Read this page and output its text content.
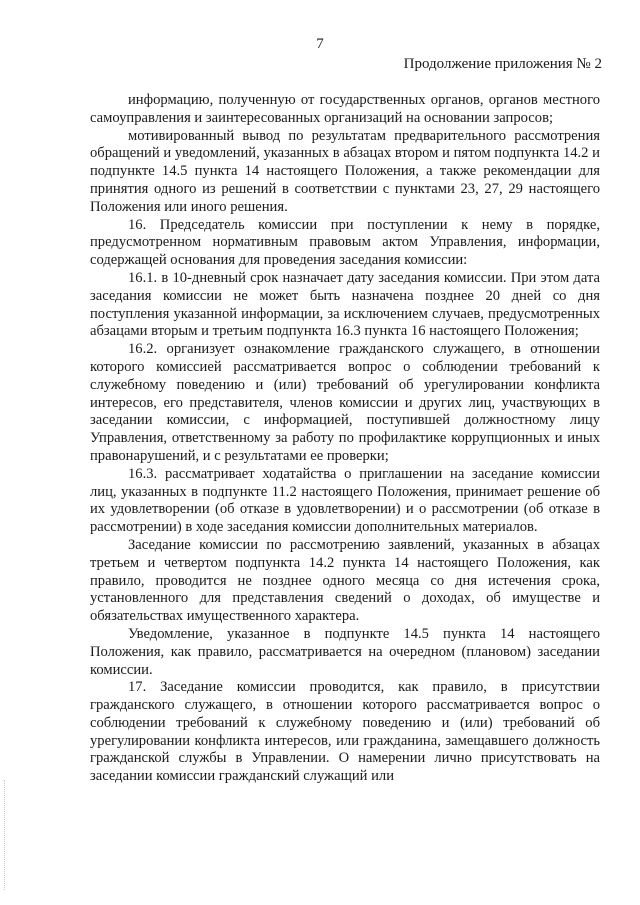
7
Продолжение приложения № 2

информацию, полученную от государственных органов, органов местного самоуправления и заинтересованных организаций на основании запросов;

мотивированный вывод по результатам предварительного рассмотрения обращений и уведомлений, указанных в абзацах втором и пятом подпункта 14.2 и подпункте 14.5 пункта 14 настоящего Положения, а также рекомендации для принятия одного из решений в соответствии с пунктами 23, 27, 29 настоящего Положения или иного решения.

16. Председатель комиссии при поступлении к нему в порядке, предусмотренном нормативным правовым актом Управления, информации, содержащей основания для проведения заседания комиссии:

16.1. в 10-дневный срок назначает дату заседания комиссии. При этом дата заседания комиссии не может быть назначена позднее 20 дней со дня поступления указанной информации, за исключением случаев, предусмотренных абзацами вторым и третьим подпункта 16.3 пункта 16 настоящего Положения;

16.2. организует ознакомление гражданского служащего, в отношении которого комиссией рассматривается вопрос о соблюдении требований к служебному поведению и (или) требований об урегулировании конфликта интересов, его представителя, членов комиссии и других лиц, участвующих в заседании комиссии, с информацией, поступившей должностному лицу Управления, ответственному за работу по профилактике коррупционных и иных правонарушений, и с результатами ее проверки;

16.3. рассматривает ходатайства о приглашении на заседание комиссии лиц, указанных в подпункте 11.2 настоящего Положения, принимает решение об их удовлетворении (об отказе в удовлетворении) и о рассмотрении (об отказе в рассмотрении) в ходе заседания комиссии дополнительных материалов.

Заседание комиссии по рассмотрению заявлений, указанных в абзацах третьем и четвертом подпункта 14.2 пункта 14 настоящего Положения, как правило, проводится не позднее одного месяца со дня истечения срока, установленного для представления сведений о доходах, об имуществе и обязательствах имущественного характера.

Уведомление, указанное в подпункте 14.5 пункта 14 настоящего Положения, как правило, рассматривается на очередном (плановом) заседании комиссии.

17. Заседание комиссии проводится, как правило, в присутствии гражданского служащего, в отношении которого рассматривается вопрос о соблюдении требований к служебному поведению и (или) требований об урегулировании конфликта интересов, или гражданина, замещавшего должность гражданской службы в Управлении. О намерении лично присутствовать на заседании комиссии гражданский служащий или
